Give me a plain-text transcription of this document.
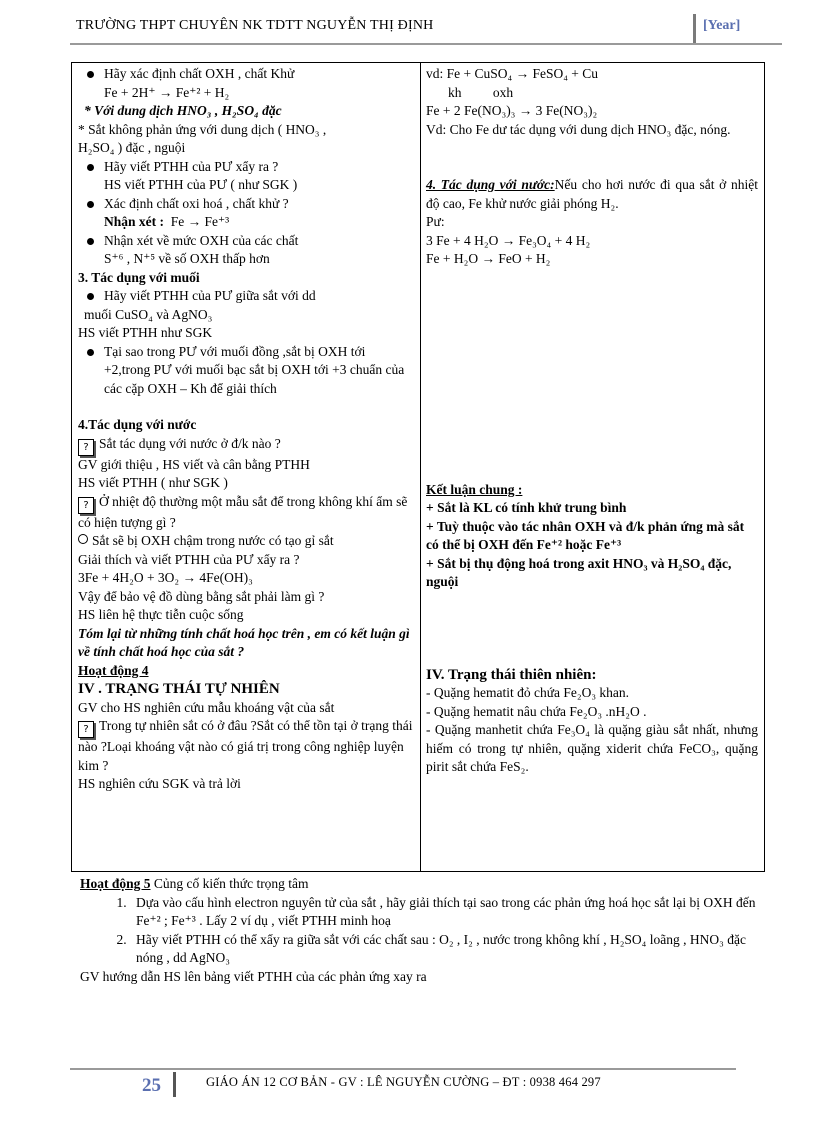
TRƯỜNG THPT CHUYÊN NK TDTT NGUYỄN THỊ ĐỊNH	[Year]
Hãy xác định chất OXH , chất Khử
Fe + 2H⁺ → Fe⁺² + H₂
* Với dung dịch HNO₃ , H₂SO₄ đặc
* Sắt không phản ứng với dung dịch ( HNO₃ ,
H₂SO₄ ) đặc , nguội
Hãy viết PTHH của PƯ xẩy ra ?
HS viết PTHH của PƯ ( như SGK )
Xác định chất oxi hoá , chất khử ?
Nhận xét : Fe → Fe⁺³
Nhận xét về mức OXH của các chất
S⁺⁶ , N⁺⁵ về số OXH thấp hơn
3. Tác dụng với muối
Hãy viết PTHH của PƯ giữa sắt với dd
muối CuSO₄ và AgNO₃
HS viết PTHH như SGK
Tại sao trong PƯ với muối đồng ,sắt bị OXH tới +2,trong PƯ với muối bạc sắt bị OXH tới +3 chuẩn của các cặp OXH – Kh để giải thích
4.Tác dụng với nước
? Sắt tác dụng với nước ở đ/k nào ?
GV giới thiệu , HS viết và cân bằng PTHH
HS viết PTHH ( như SGK )
? Ở nhiệt độ thường một mẫu sắt để trong không khí ẩm sẽ có hiện tượng gì ?
Sắt sẽ bị OXH chậm trong nước có tạo gỉ sắt
Giải thích và viết PTHH của PƯ xẩy ra ?
3Fe + 4H₂O + 3O₂ → 4Fe(OH)₃
Vậy để bảo vệ đồ dùng bằng sắt phải làm gì ?
HS liên hệ thực tiễn cuộc sống
Tóm lại từ những tính chất hoá học trên , em có kết luận gì về tính chất hoá học của sắt ?
Hoạt động 4
IV . TRẠNG THÁI TỰ NHIÊN
GV cho HS nghiên cứu mẫu khoáng vật của sắt
? Trong tự nhiên sắt có ở đâu ?Sắt có thể tồn tại ở trạng thái nào ?Loại khoáng vật nào có giá trị trong công nghiệp luyện kim ?
HS nghiên cứu SGK và trả lời
vd: Fe + CuSO₄ → FeSO₄ + Cu
kh oxh
Fe + 2 Fe(NO₃)₃ → 3 Fe(NO₃)₂
Vd: Cho Fe dư tác dụng với dung dịch HNO₃ đặc, nóng.
4. Tác dụng với nước:Nếu cho hơi nước đi qua sắt ở nhiệt độ cao, Fe khử nước giải phóng H₂.
Pư:
3 Fe + 4 H₂O → Fe₃O₄ + 4 H₂
Fe + H₂O → FeO + H₂
Kết luận chung :
+ Sắt là KL có tính khử trung bình
+ Tuỳ thuộc vào tác nhân OXH và đ/k phản ứng mà sắt có thể bị OXH đến Fe⁺² hoặc Fe⁺³
+ Sắt bị thụ động hoá trong axit HNO₃ và H₂SO₄ đặc, nguội
IV. Trạng thái thiên nhiên:
- Quặng hematit đỏ chứa Fe₂O₃ khan.
- Quặng hematit nâu chứa Fe₂O₃ .nH₂O .
- Quặng manhetit chứa Fe₃O₄ là quặng giàu sắt nhất, nhưng hiếm có trong tự nhiên, quặng xiderit chứa FeCO₃, quặng pirit sắt chứa FeS₂.
Hoạt động 5 Củng cố kiến thức trọng tâm
1. Dựa vào cấu hình electron nguyên tử của sắt , hãy giải thích tại sao trong các phản ứng hoá học sắt lại bị OXH đến Fe⁺² ; Fe⁺³ . Lấy 2 ví dụ , viết PTHH minh hoạ
2. Hãy viết PTHH có thể xẩy ra giữa sắt với các chất sau : O₂ , I₂ , nước trong không khí , H₂SO₄ loãng , HNO₃ đặc nóng , dd AgNO₃
GV hướng dẫn HS lên bảng viết PTHH của các phản ứng xay ra
25	GIÁO ÁN 12 CƠ BẢN - GV : LÊ NGUYỄN CƯỜNG – ĐT : 0938 464 297
